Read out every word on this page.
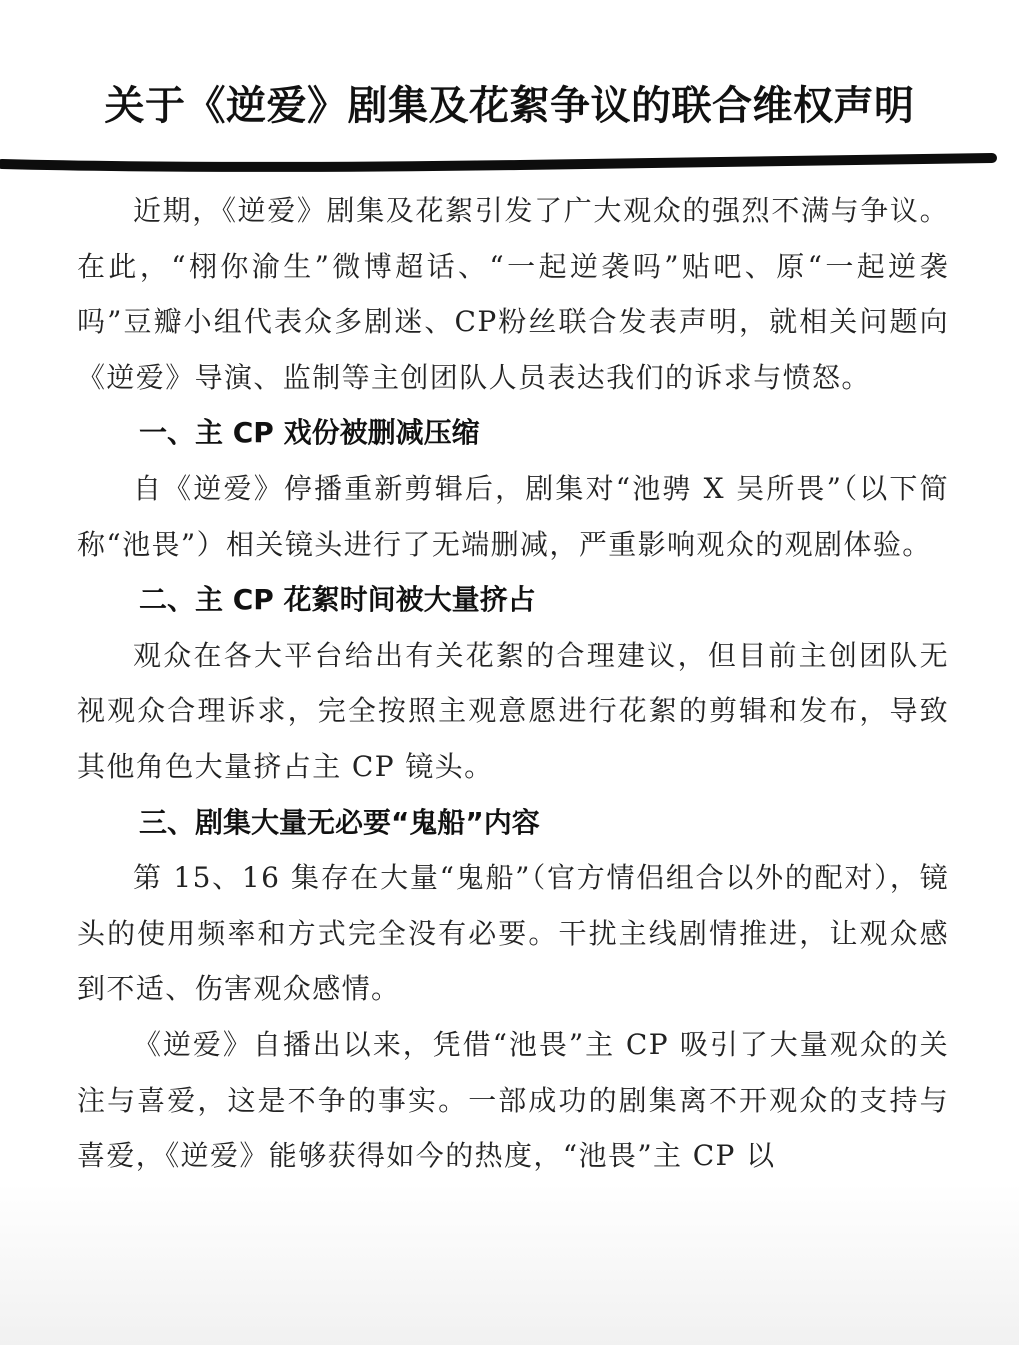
关于《逆爱》剧集及花絮争议的联合维权声明

近期，《逆爱》剧集及花絮引发了广大观众的强烈不满与争议。在此，“栩你渝生”微博超话、“一起逆袭吗”贴吧、原“一起逆袭吗”豆瓣小组代表众多剧迷、CP粉丝联合发表声明，就相关问题向《逆爱》导演、监制等主创团队人员表达我们的诉求与愤怒。

一、主 CP 戏份被删减压缩

自《逆爱》停播重新剪辑后，剧集对“池骋 X 吴所畏”（以下简称“池畏”）相关镜头进行了无端删减，严重影响观众的观剧体验。

二、主 CP 花絮时间被大量挤占

观众在各大平台给出有关花絮的合理建议，但目前主创团队无视观众合理诉求，完全按照主观意愿进行花絮的剪辑和发布，导致其他角色大量挤占主 CP 镜头。

三、剧集大量无必要“鬼船”内容

第 15、16 集存在大量“鬼船”（官方情侣组合以外的配对），镜头的使用频率和方式完全没有必要。干扰主线剧情推进，让观众感到不适、伤害观众感情。

《逆爱》自播出以来，凭借“池畏”主 CP 吸引了大量观众的关注与喜爱，这是不争的事实。一部成功的剧集离不开观众的支持与喜爱，《逆爱》能够获得如今的热度，“池畏”主 CP 以
